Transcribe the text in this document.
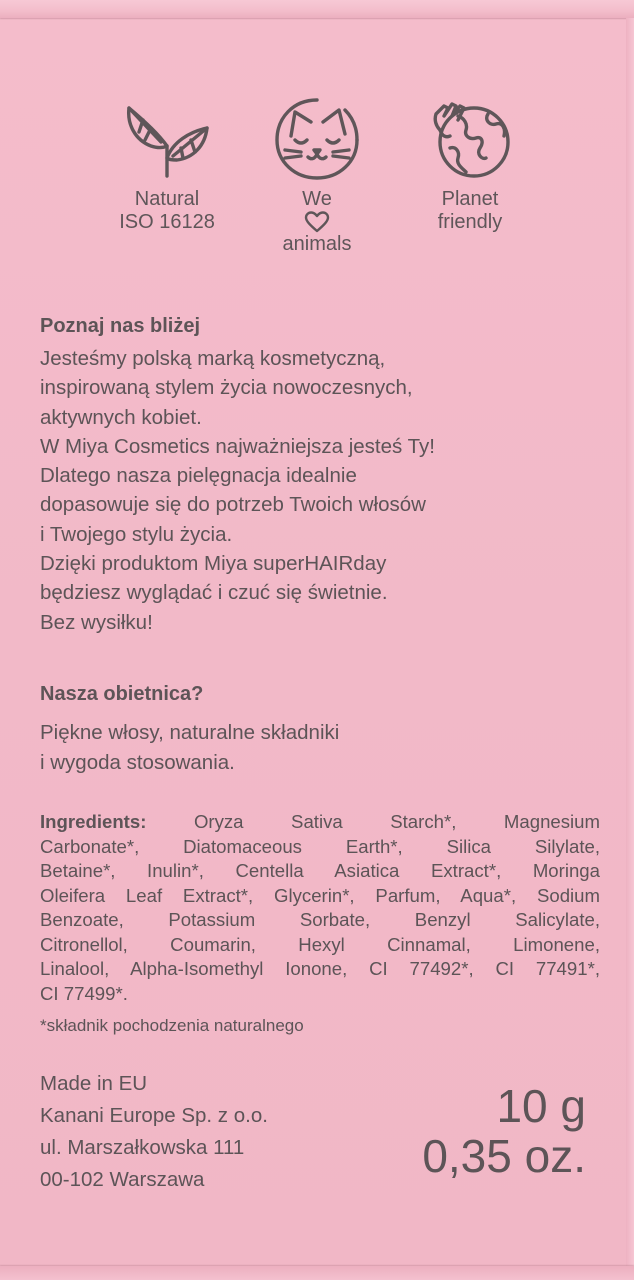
Natural
ISO 16128
We
animals
Planet
friendly
Poznaj nas bliżej

Jesteśmy polską marką kosmetyczną,
inspirowaną stylem życia nowoczesnych,
aktywnych kobiet.
W Miya Cosmetics najważniejsza jesteś Ty!
Dlatego nasza pielęgnacja idealnie
dopasowuje się do potrzeb Twoich włosów
i Twojego stylu życia.
Dzięki produktom Miya superHAIRday
będziesz wyglądać i czuć się świetnie.
Bez wysiłku!

Nasza obietnica?

Piękne włosy, naturalne składniki
i wygoda stosowania.

Ingredients:	Oryza Sativa Starch*, Magnesium
Carbonate*, Diatomaceous Earth*, Silica Silylate,
Betaine*, Inulin*, Centella Asiatica Extract*, Moringa
Oleifera Leaf Extract*, Glycerin*, Parfum, Aqua*, Sodium
Benzoate, Potassium Sorbate, Benzyl Salicylate,
Citronellol, Coumarin, Hexyl Cinnamal, Limonene,
Linalool, Alpha-Isomethyl Ionone, CI 77492*, CI 77491*,
CI 77499*.
*składnik pochodzenia naturalnego
Made in EU
Kanani Europe Sp. z o.o.
ul. Marszałkowska 111
00-102 Warszawa
10 g
0,35 oz.
